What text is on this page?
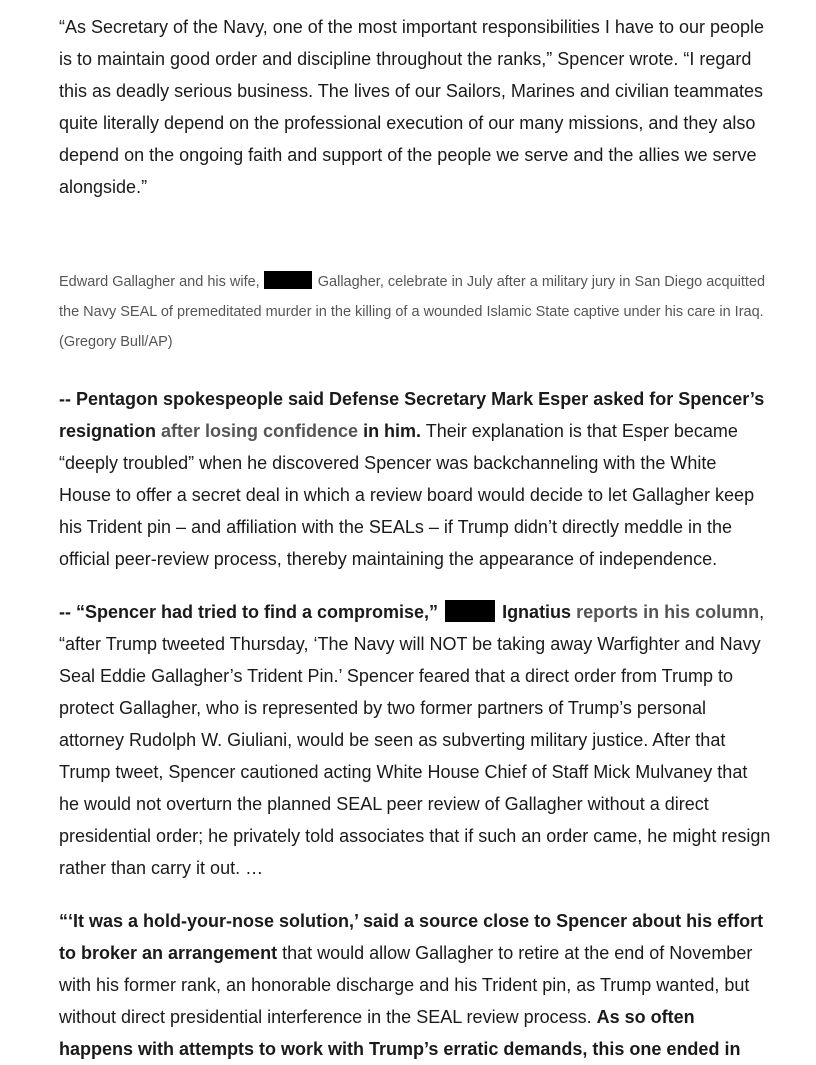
“As Secretary of the Navy, one of the most important responsibilities I have to our people is to maintain good order and discipline throughout the ranks,” Spencer wrote. “I regard this as deadly serious business. The lives of our Sailors, Marines and civilian teammates quite literally depend on the professional execution of our many missions, and they also depend on the ongoing faith and support of the people we serve and the allies we serve alongside.”

Edward Gallagher and his wife,	Gallagher, celebrate in July after a military jury in San Diego acquitted the Navy SEAL of premeditated murder in the killing of a wounded Islamic State captive under his care in Iraq. (Gregory Bull/AP)

-- Pentagon spokespeople said Defense Secretary Mark Esper asked for Spencer’s resignation after losing confidence in him. Their explanation is that Esper became “deeply troubled” when he discovered Spencer was backchanneling with the White House to offer a secret deal in which a review board would decide to let Gallagher keep his Trident pin – and affiliation with the SEALs – if Trump didn’t directly meddle in the official peer-review process, thereby maintaining the appearance of independence.

-- “Spencer had tried to find a compromise,”	Ignatius reports in his column, “after Trump tweeted Thursday, ‘The Navy will NOT be taking away Warfighter and Navy Seal Eddie Gallagher’s Trident Pin.’ Spencer feared that a direct order from Trump to protect Gallagher, who is represented by two former partners of Trump’s personal attorney Rudolph W. Giuliani, would be seen as subverting military justice. After that Trump tweet, Spencer cautioned acting White House Chief of Staff Mick Mulvaney that he would not overturn the planned SEAL peer review of Gallagher without a direct presidential order; he privately told associates that if such an order came, he might resign rather than carry it out. …

“‘It was a hold-your-nose solution,’ said a source close to Spencer about his effort to broker an arrangement that would allow Gallagher to retire at the end of November with his former rank, an honorable discharge and his Trident pin, as Trump wanted, but without direct presidential interference in the SEAL review process. As so often happens with attempts to work with Trump’s erratic demands, this one ended in
